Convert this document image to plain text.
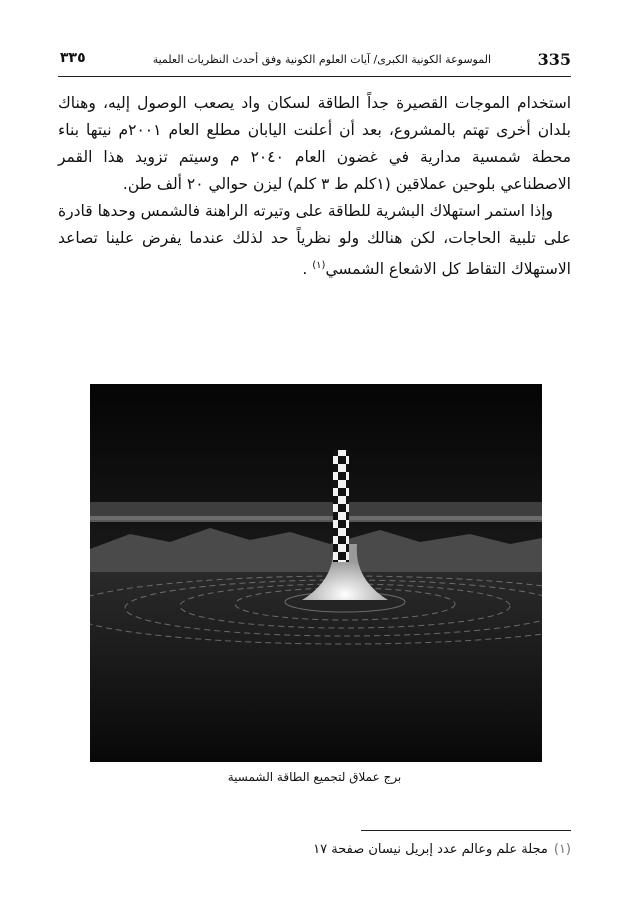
335
الموسوعة الكونية الكبرى/ آيات العلوم الكونية وفق أحدث النظريات العلمية
٣٣٥

استخدام الموجات القصيرة جداً الطاقة لسكان واد يصعب الوصول إليه، وهناك بلدان أخرى تهتم بالمشروع، بعد أن أعلنت اليابان مطلع العام ٢٠٠١م نيتها بناء محطة شمسية مدارية في غضون العام ٢٠٤٠ م وسيتم تزويد هذا القمر الاصطناعي بلوحين عملاقين (١كلم ط ٣ كلم) ليزن حوالي ٢٠ ألف طن.

وإذا استمر استهلاك البشرية للطاقة على وتيرته الراهنة فالشمس وحدها قادرة على تلبية الحاجات، لكن هنالك ولو نظرياً حد لذلك عندما يفرض علينا تصاعد الاستهلاك التقاط كل الاشعاع الشمسي$^{(١)}$ .

برج عملاق لتجميع الطاقة الشمسية
(١)مجلة علم وعالم عدد إبريل نيسان صفحة ١٧
